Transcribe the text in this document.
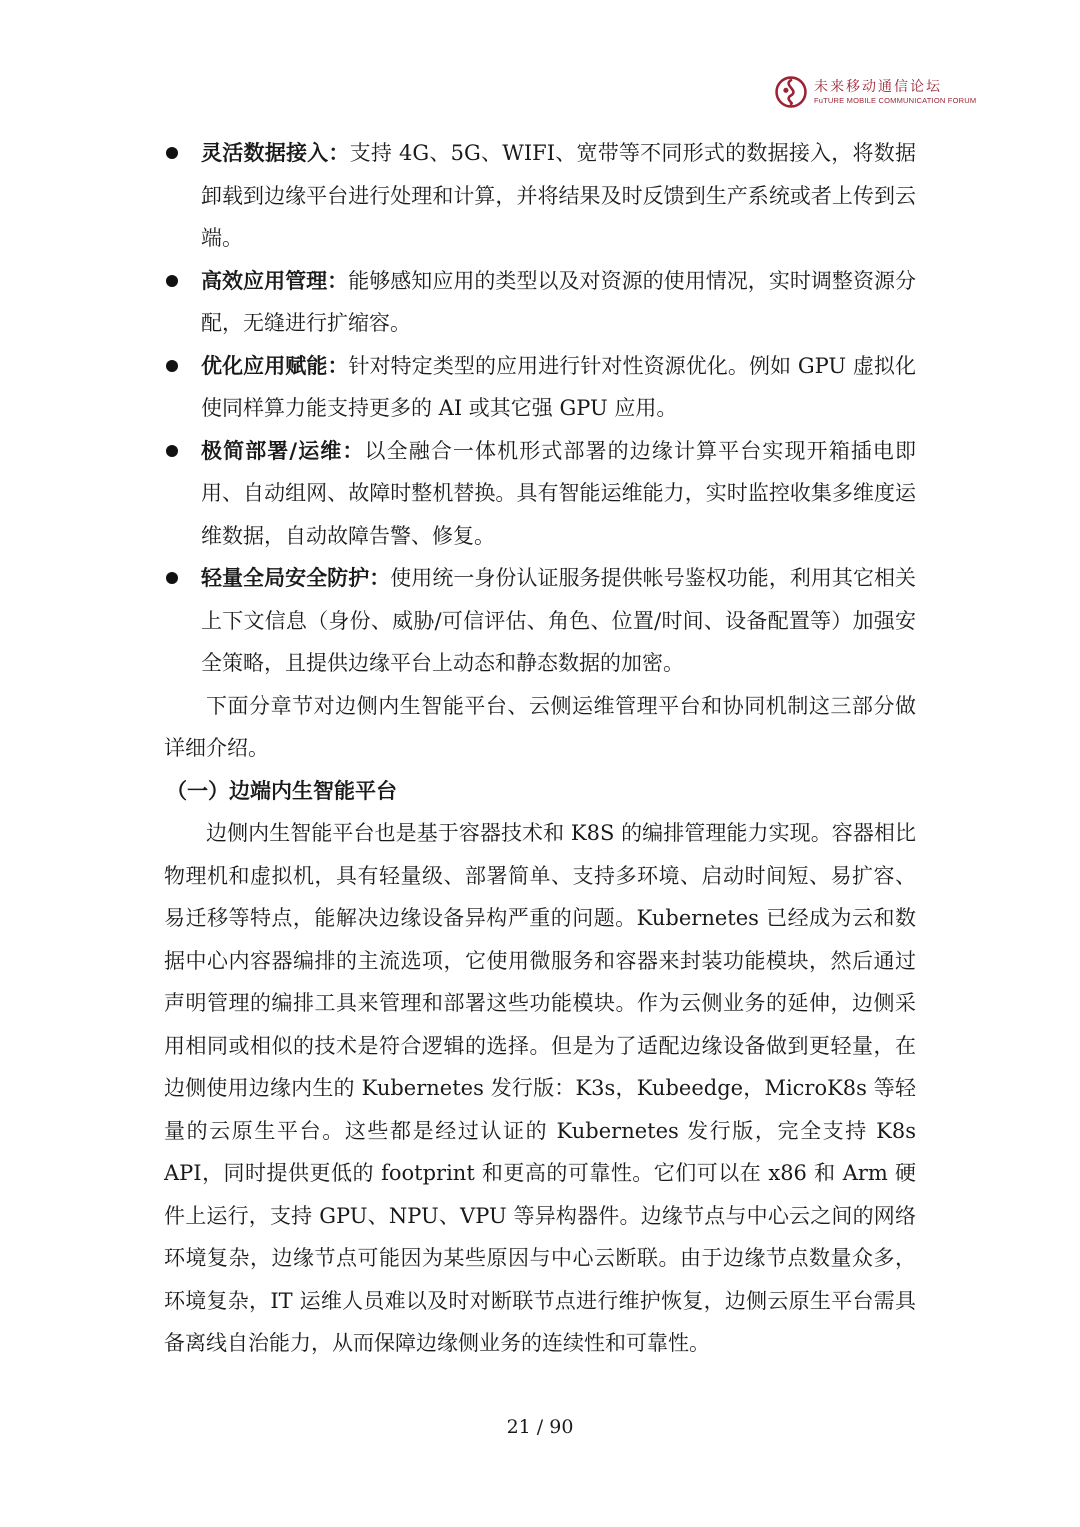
未来移动通信论坛
FuTURE MOBILE COMMUNICATION FORUM
灵活数据接入：支持 4G、5G、WIFI、宽带等不同形式的数据接入，将数据卸载到边缘平台进行处理和计算，并将结果及时反馈到生产系统或者上传到云端。
高效应用管理：能够感知应用的类型以及对资源的使用情况，实时调整资源分配，无缝进行扩缩容。
优化应用赋能：针对特定类型的应用进行针对性资源优化。例如 GPU 虚拟化使同样算力能支持更多的 AI 或其它强 GPU 应用。
极简部署/运维：以全融合一体机形式部署的边缘计算平台实现开箱插电即用、自动组网、故障时整机替换。具有智能运维能力，实时监控收集多维度运维数据，自动故障告警、修复。
轻量全局安全防护：使用统一身份认证服务提供帐号鉴权功能，利用其它相关上下文信息（身份、威胁/可信评估、角色、位置/时间、设备配置等）加强安全策略，且提供边缘平台上动态和静态数据的加密。
下面分章节对边侧内生智能平台、云侧运维管理平台和协同机制这三部分做详细介绍。
（一）边端内生智能平台
边侧内生智能平台也是基于容器技术和 K8S 的编排管理能力实现。容器相比物理机和虚拟机，具有轻量级、部署简单、支持多环境、启动时间短、易扩容、易迁移等特点，能解决边缘设备异构严重的问题。Kubernetes 已经成为云和数据中心内容器编排的主流选项，它使用微服务和容器来封装功能模块，然后通过声明管理的编排工具来管理和部署这些功能模块。作为云侧业务的延伸，边侧采用相同或相似的技术是符合逻辑的选择。但是为了适配边缘设备做到更轻量，在边侧使用边缘内生的 Kubernetes 发行版：K3s，Kubeedge，MicroK8s 等轻量的云原生平台。这些都是经过认证的 Kubernetes 发行版，完全支持 K8s API，同时提供更低的 footprint 和更高的可靠性。它们可以在 x86 和 Arm 硬件上运行，支持 GPU、NPU、VPU 等异构器件。边缘节点与中心云之间的网络环境复杂，边缘节点可能因为某些原因与中心云断联。由于边缘节点数量众多，环境复杂，IT 运维人员难以及时对断联节点进行维护恢复，边侧云原生平台需具备离线自治能力，从而保障边缘侧业务的连续性和可靠性。
21 / 90
